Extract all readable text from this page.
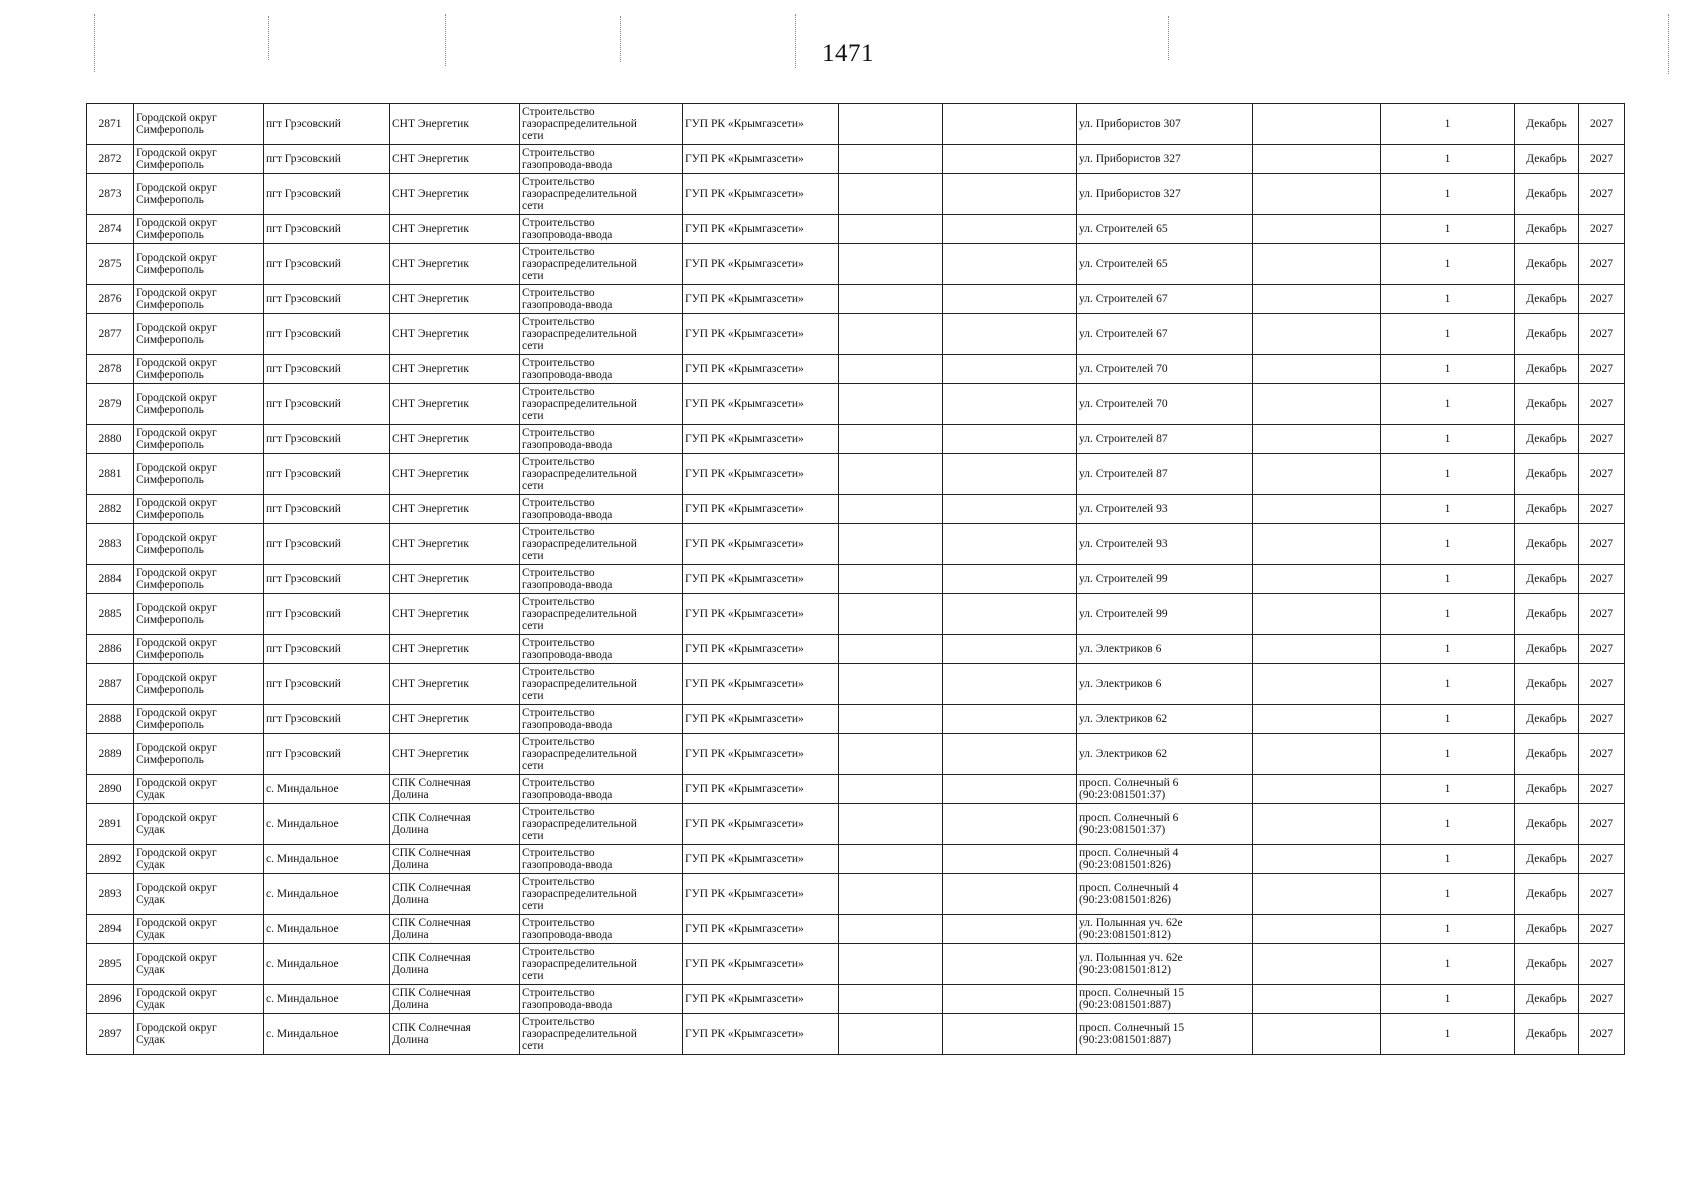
1471
2871	Городской округ
Симферополь	пгт Грэсовский	СНТ Энергетик	Строительство
газораспределительной
сети	ГУП РК «Крымгазсети»			ул. Прибористов 307		1	Декабрь	2027
2872	Городской округ
Симферополь	пгт Грэсовский	СНТ Энергетик	Строительство
газопровода-ввода	ГУП РК «Крымгазсети»			ул. Прибористов 327		1	Декабрь	2027
2873	Городской округ
Симферополь	пгт Грэсовский	СНТ Энергетик	Строительство
газораспределительной
сети	ГУП РК «Крымгазсети»			ул. Прибористов 327		1	Декабрь	2027
2874	Городской округ
Симферополь	пгт Грэсовский	СНТ Энергетик	Строительство
газопровода-ввода	ГУП РК «Крымгазсети»			ул. Строителей 65		1	Декабрь	2027
2875	Городской округ
Симферополь	пгт Грэсовский	СНТ Энергетик	Строительство
газораспределительной
сети	ГУП РК «Крымгазсети»			ул. Строителей 65		1	Декабрь	2027
2876	Городской округ
Симферополь	пгт Грэсовский	СНТ Энергетик	Строительство
газопровода-ввода	ГУП РК «Крымгазсети»			ул. Строителей 67		1	Декабрь	2027
2877	Городской округ
Симферополь	пгт Грэсовский	СНТ Энергетик	Строительство
газораспределительной
сети	ГУП РК «Крымгазсети»			ул. Строителей 67		1	Декабрь	2027
2878	Городской округ
Симферополь	пгт Грэсовский	СНТ Энергетик	Строительство
газопровода-ввода	ГУП РК «Крымгазсети»			ул. Строителей 70		1	Декабрь	2027
2879	Городской округ
Симферополь	пгт Грэсовский	СНТ Энергетик	Строительство
газораспределительной
сети	ГУП РК «Крымгазсети»			ул. Строителей 70		1	Декабрь	2027
2880	Городской округ
Симферополь	пгт Грэсовский	СНТ Энергетик	Строительство
газопровода-ввода	ГУП РК «Крымгазсети»			ул. Строителей 87		1	Декабрь	2027
2881	Городской округ
Симферополь	пгт Грэсовский	СНТ Энергетик	Строительство
газораспределительной
сети	ГУП РК «Крымгазсети»			ул. Строителей 87		1	Декабрь	2027
2882	Городской округ
Симферополь	пгт Грэсовский	СНТ Энергетик	Строительство
газопровода-ввода	ГУП РК «Крымгазсети»			ул. Строителей 93		1	Декабрь	2027
2883	Городской округ
Симферополь	пгт Грэсовский	СНТ Энергетик	Строительство
газораспределительной
сети	ГУП РК «Крымгазсети»			ул. Строителей 93		1	Декабрь	2027
2884	Городской округ
Симферополь	пгт Грэсовский	СНТ Энергетик	Строительство
газопровода-ввода	ГУП РК «Крымгазсети»			ул. Строителей 99		1	Декабрь	2027
2885	Городской округ
Симферополь	пгт Грэсовский	СНТ Энергетик	Строительство
газораспределительной
сети	ГУП РК «Крымгазсети»			ул. Строителей 99		1	Декабрь	2027
2886	Городской округ
Симферополь	пгт Грэсовский	СНТ Энергетик	Строительство
газопровода-ввода	ГУП РК «Крымгазсети»			ул. Электриков 6		1	Декабрь	2027
2887	Городской округ
Симферополь	пгт Грэсовский	СНТ Энергетик	Строительство
газораспределительной
сети	ГУП РК «Крымгазсети»			ул. Электриков 6		1	Декабрь	2027
2888	Городской округ
Симферополь	пгт Грэсовский	СНТ Энергетик	Строительство
газопровода-ввода	ГУП РК «Крымгазсети»			ул. Электриков 62		1	Декабрь	2027
2889	Городской округ
Симферополь	пгт Грэсовский	СНТ Энергетик	Строительство
газораспределительной
сети	ГУП РК «Крымгазсети»			ул. Электриков 62		1	Декабрь	2027
2890	Городской округ
Судак	с. Миндальное	СПК Солнечная
Долина	Строительство
газопровода-ввода	ГУП РК «Крымгазсети»			просп. Солнечный 6
(90:23:081501:37)		1	Декабрь	2027
2891	Городской округ
Судак	с. Миндальное	СПК Солнечная
Долина	Строительство
газораспределительной
сети	ГУП РК «Крымгазсети»			просп. Солнечный 6
(90:23:081501:37)		1	Декабрь	2027
2892	Городской округ
Судак	с. Миндальное	СПК Солнечная
Долина	Строительство
газопровода-ввода	ГУП РК «Крымгазсети»			просп. Солнечный 4
(90:23:081501:826)		1	Декабрь	2027
2893	Городской округ
Судак	с. Миндальное	СПК Солнечная
Долина	Строительство
газораспределительной
сети	ГУП РК «Крымгазсети»			просп. Солнечный 4
(90:23:081501:826)		1	Декабрь	2027
2894	Городской округ
Судак	с. Миндальное	СПК Солнечная
Долина	Строительство
газопровода-ввода	ГУП РК «Крымгазсети»			ул. Полынная уч. 62е
(90:23:081501:812)		1	Декабрь	2027
2895	Городской округ
Судак	с. Миндальное	СПК Солнечная
Долина	Строительство
газораспределительной
сети	ГУП РК «Крымгазсети»			ул. Полынная уч. 62е
(90:23:081501:812)		1	Декабрь	2027
2896	Городской округ
Судак	с. Миндальное	СПК Солнечная
Долина	Строительство
газопровода-ввода	ГУП РК «Крымгазсети»			просп. Солнечный 15
(90:23:081501:887)		1	Декабрь	2027
2897	Городской округ
Судак	с. Миндальное	СПК Солнечная
Долина	Строительство
газораспределительной
сети	ГУП РК «Крымгазсети»			просп. Солнечный 15
(90:23:081501:887)		1	Декабрь	2027
